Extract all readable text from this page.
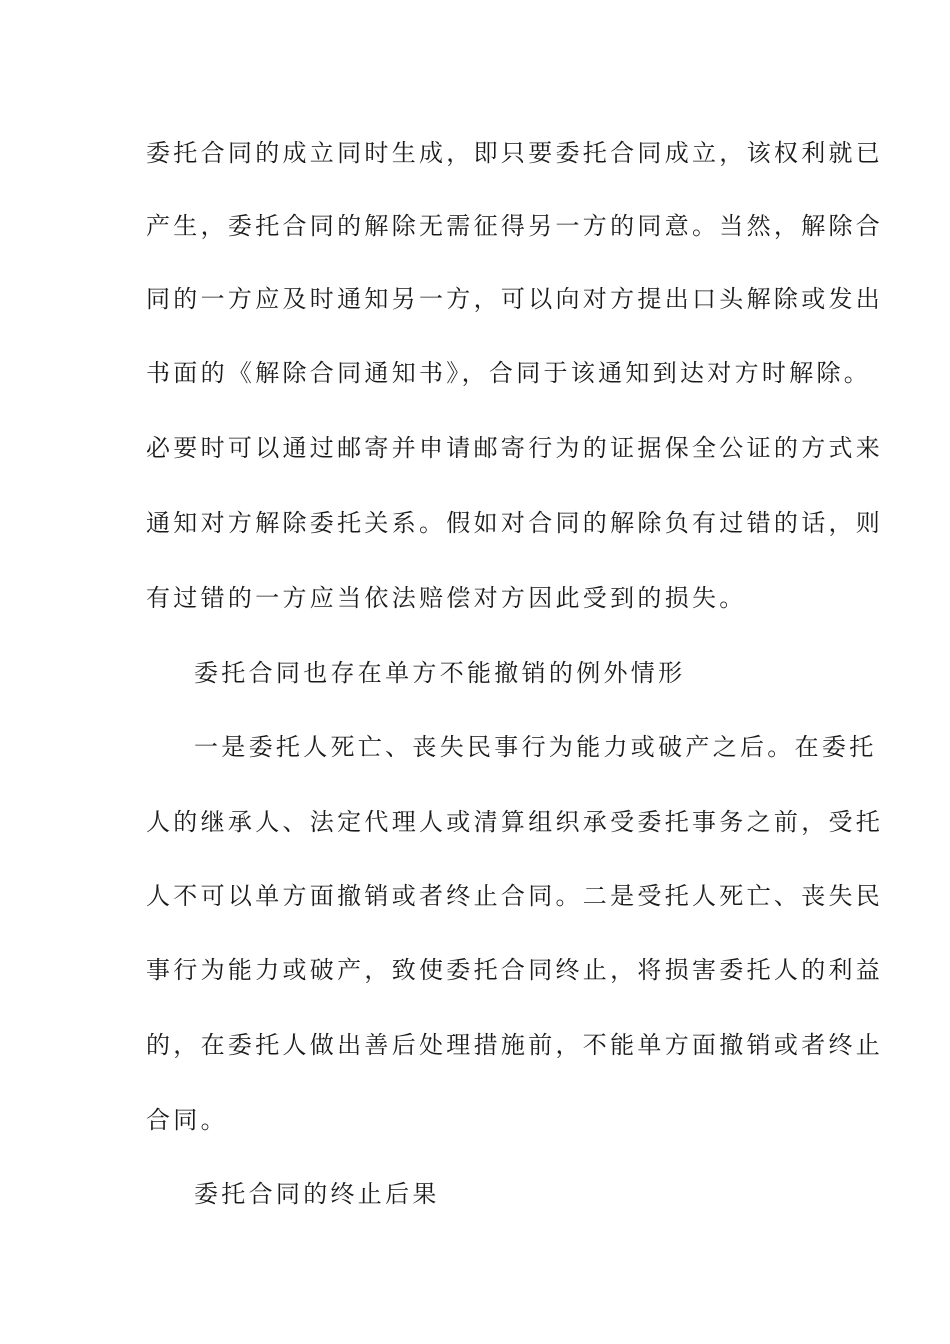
委托合同的成立同时生成，即只要委托合同成立，该权利就已
产生，委托合同的解除无需征得另一方的同意。当然，解除合
同的一方应及时通知另一方，可以向对方提出口头解除或发出
书面的《解除合同通知书》，合同于该通知到达对方时解除。
必要时可以通过邮寄并申请邮寄行为的证据保全公证的方式来
通知对方解除委托关系。假如对合同的解除负有过错的话，则
有过错的一方应当依法赔偿对方因此受到的损失。
委托合同也存在单方不能撤销的例外情形
一是委托人死亡、丧失民事行为能力或破产之后。在委托
人的继承人、法定代理人或清算组织承受委托事务之前，受托
人不可以单方面撤销或者终止合同。二是受托人死亡、丧失民
事行为能力或破产，致使委托合同终止，将损害委托人的利益
的，在委托人做出善后处理措施前，不能单方面撤销或者终止
合同。
委托合同的终止后果
